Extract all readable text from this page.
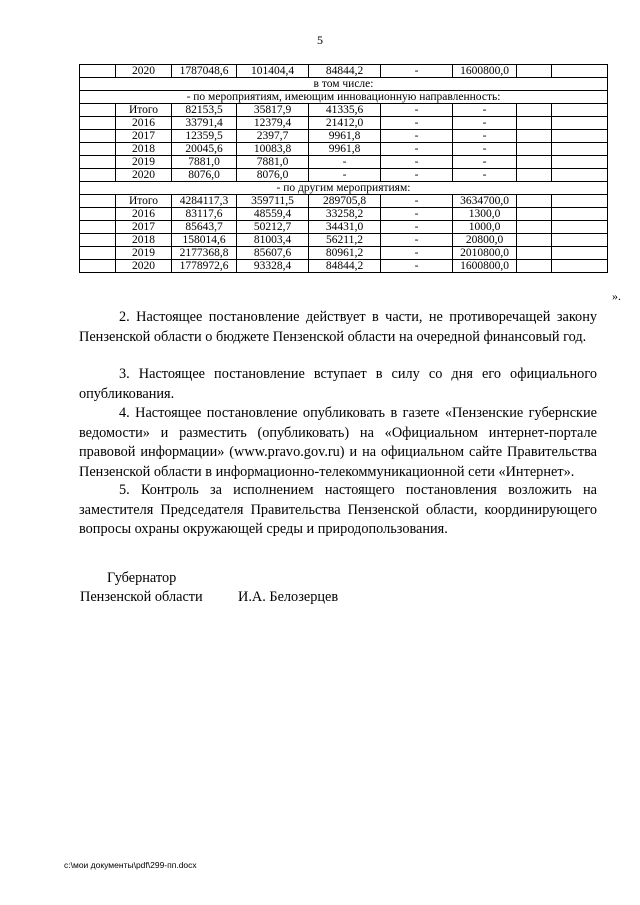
5
	2020	1787048,6	101404,4	84844,2	-	1600800,0		
в том числе:								
- по мероприятиям, имеющим инновационную направленность:								
	Итого	82153,5	35817,9	41335,6	-	-		
	2016	33791,4	12379,4	21412,0	-	-		
	2017	12359,5	2397,7	9961,8	-	-		
	2018	20045,6	10083,8	9961,8	-	-		
	2019	7881,0	7881,0	-	-	-		
	2020	8076,0	8076,0	-	-	-		
- по другим мероприятиям:								
	Итого	4284117,3	359711,5	289705,8	-	3634700,0		
	2016	83117,6	48559,4	33258,2	-	1300,0		
	2017	85643,7	50212,7	34431,0	-	1000,0		
	2018	158014,6	81003,4	56211,2	-	20800,0		
	2019	2177368,8	85607,6	80961,2	-	2010800,0		
	2020	1778972,6	93328,4	84844,2	-	1600800,0		
».
2. Настоящее постановление действует в части, не противоречащей закону Пензенской области о бюджете Пензенской области на очередной финансовый год.
3. Настоящее постановление вступает в силу со дня его официального опубликования.
4. Настоящее постановление опубликовать в газете «Пензенские губернские ведомости» и разместить (опубликовать) на «Официальном интернет-портале правовой информации» (www.pravo.gov.ru) и на официальном сайте Правительства Пензенской области в информационно-телекоммуникационной сети «Интернет».
5. Контроль за исполнением настоящего постановления возложить на заместителя Председателя Правительства Пензенской области, координирующего вопросы охраны окружающей среды и природопользования.
Губернатор
Пензенской области И.А. Белозерцев
c:\мои документы\pdf\299-пп.docx
